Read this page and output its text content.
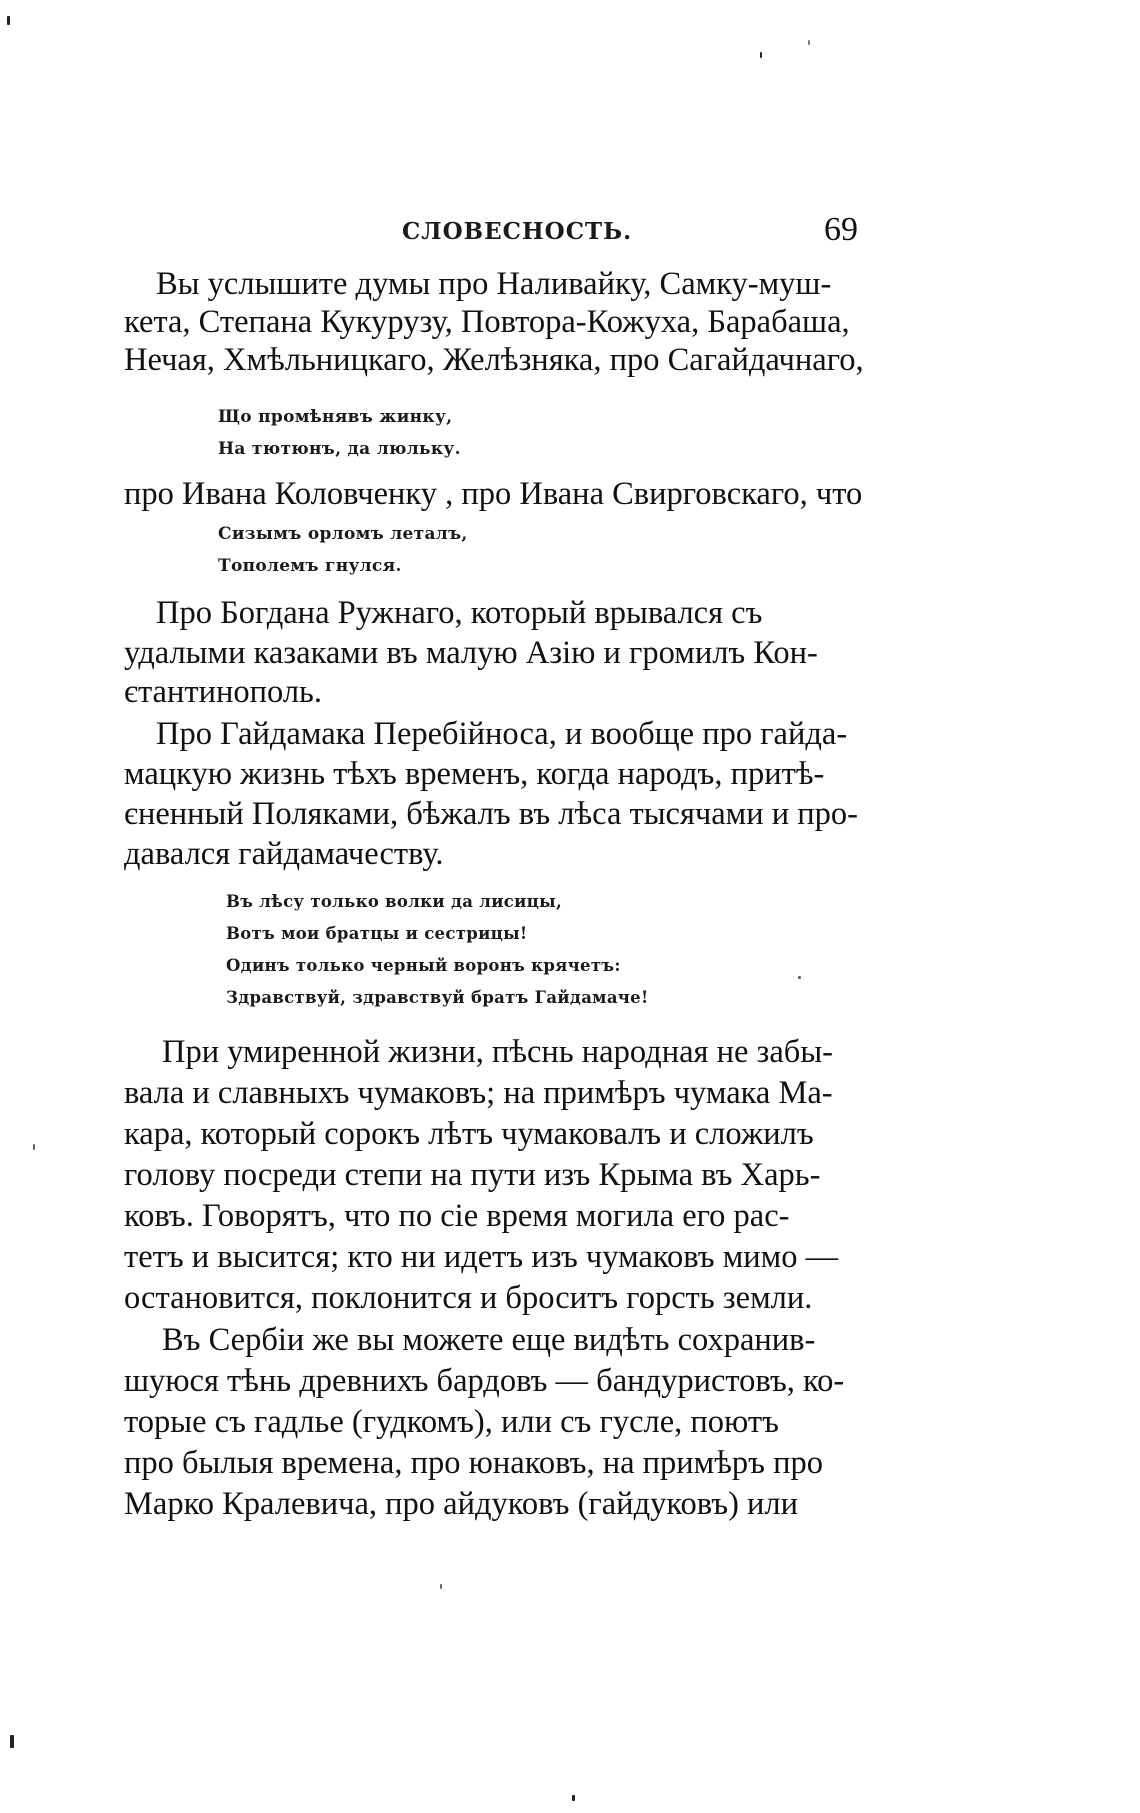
СЛОВЕСНОСТЬ.	69
Вы услышите думы про Наливайку, Самку-муш-
кета, Степана Кукурузу, Повтора-Кожуха, Барабаша,
Нечая, Хмѣльницкаго, Желѣзняка, про Сагайдачнаго,
Що промѣнявъ жинку,
На тютюнъ, да люльку.
про Ивана Коловченку , про Ивана Свирговскаго, что
Сизымъ орломъ леталъ,
Тополемъ гнулся.
Про Богдана Ружнаго, который врывался съ
удалыми казаками въ малую Азію и громилъ Кон-
єтантинополь.
Про Гайдамака Перебійноса, и вообще про гайда-
мацкую жизнь тѣхъ временъ, когда народъ, притѣ-
єненный Поляками, бѣжалъ въ лѣса тысячами и про-
давался гайдамачеству.
Въ лѣсу только волки да лисицы,
Вотъ мои братцы и сестрицы!
Одинъ только черный воронъ крячетъ:
Здравствуй, здравствуй братъ Гайдамаче!
При умиренной жизни, пѣснь народная не забы-
вала и славныхъ чумаковъ; на примѣръ чумака Ма-
кара, который сорокъ лѣтъ чумаковалъ и сложилъ
голову посреди степи на пути изъ Крыма въ Харь-
ковъ. Говорятъ, что по сіе время могила его рас-
тетъ и высится; кто ни идетъ изъ чумаковъ мимо —
остановится, поклонится и броситъ горсть земли.
Въ Сербіи же вы можете еще видѣть сохранив-
шуюся тѣнь древнихъ бардовъ — бандуристовъ, ко-
торые съ гадлье (гудкомъ), или съ гусле, поютъ
про былыя времена, про юнаковъ, на примѣръ про
Марко Кралевича, про айдуковъ (гайдуковъ) или
